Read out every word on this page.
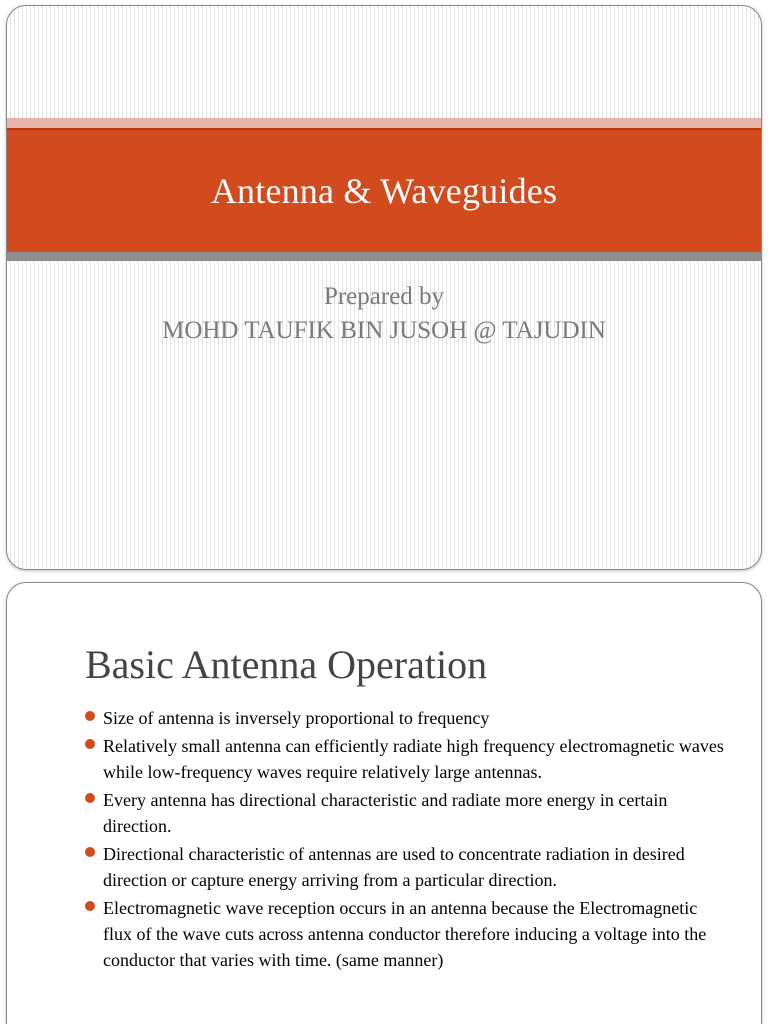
Antenna & Waveguides
Prepared by
MOHD TAUFIK BIN JUSOH @ TAJUDIN
Basic Antenna Operation
Size of antenna is inversely proportional to frequency
Relatively small antenna can efficiently radiate high frequency electromagnetic waves while low-frequency waves require relatively large antennas.
Every antenna has directional characteristic and radiate more energy in certain direction.
Directional characteristic of antennas are used to concentrate radiation in desired direction or capture energy arriving from a particular direction.
Electromagnetic wave reception occurs in an antenna because the Electromagnetic flux of the wave cuts across antenna conductor therefore inducing a voltage into the conductor that varies with time. (same manner)
